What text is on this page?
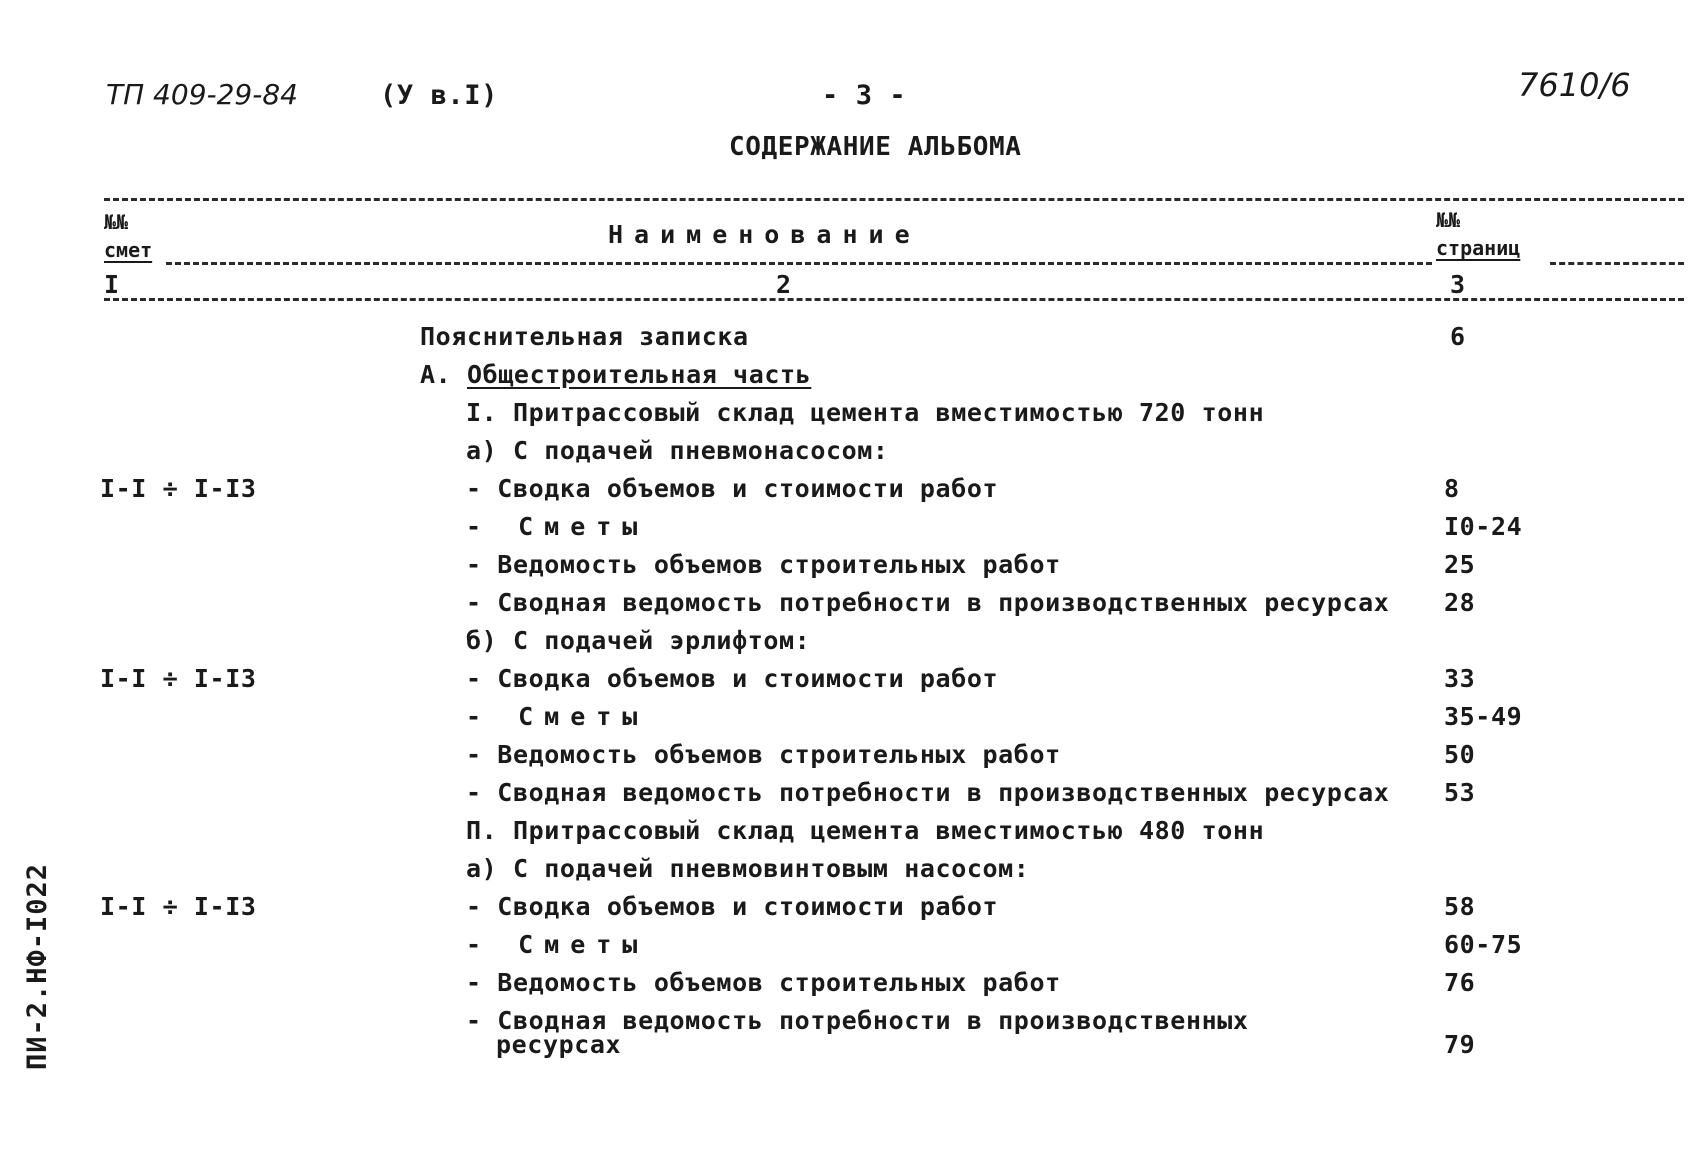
ТП 409-29-84	(У в.I)	- 3 -	7610/6
СОДЕРЖАНИЕ АЛЬБОМА
№№
смет
Наименование	№№
страниц
I	2	3
Пояснительная записка	6
А. Общестроительная часть
I. Притрассовый склад цемента вместимостью 720 тонн
а) С подачей пневмонасосом:
I-I ÷ I-I3	- Сводка объемов и стоимости работ	8
- Сметы	I0-24
- Ведомость объемов строительных работ	25
- Сводная ведомость потребности в производственных ресурсах 28
б) С подачей эрлифтом:
I-I ÷ I-I3	- Сводка объемов и стоимости работ	33
- Сметы	35-49
- Ведомость объемов строительных работ	50
- Сводная ведомость потребности в производственных ресурсах 53
П. Притрассовый склад цемента вместимостью 480 тонн
а) С подачей пневмовинтовым насосом:
I-I ÷ I-I3	- Сводка объемов и стоимости работ	58
- Сметы	60-75
- Ведомость объемов строительных работ	76
- Сводная ведомость потребности в производственных
ресурсах	79
ПИ-2.НФ-I022
